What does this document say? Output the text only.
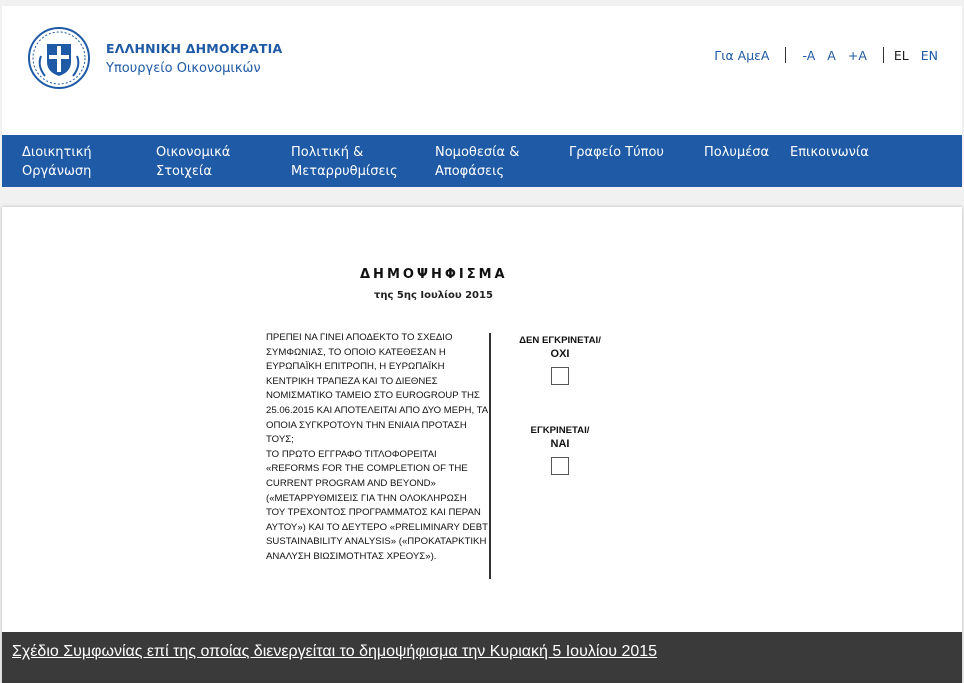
ΕΛΛΗΝΙΚΗ ΔΗΜΟΚΡΑΤΙΑ
Υπουργείο Οικονομικών
Για ΑμεΑ	-A A +A EL EN
Διοικητική
Οργάνωση
Οικονομικά
Στοιχεία
Πολιτική &
Μεταρρυθμίσεις
Νομοθεσία &
Αποφάσεις
Γραφείο Τύπου	Πολυμέσα Επικοινωνία
ΔΗΜΟΨΗΦΙΣΜΑ
της 5ης Ιουλίου 2015

ΠΡΕΠΕΙ ΝΑ ΓΙΝΕΙ ΑΠΟΔΕΚΤΟ ΤΟ ΣΧΕΔΙΟ ΣΥΜΦΩΝΙΑΣ, ΤΟ ΟΠΟΙΟ ΚΑΤΕΘΕΣΑΝ Η ΕΥΡΩΠΑΪΚΗ ΕΠΙΤΡΟΠΗ, Η ΕΥΡΩΠΑΪΚΗ ΚΕΝΤΡΙΚΗ ΤΡΑΠΕΖΑ ΚΑΙ ΤΟ ΔΙΕΘΝΕΣ ΝΟΜΙΣΜΑΤΙΚΟ ΤΑΜΕΙΟ ΣΤΟ EUROGROUP ΤΗΣ 25.06.2015 ΚΑΙ ΑΠΟΤΕΛΕΙΤΑΙ ΑΠΟ ΔΥΟ ΜΕΡΗ, ΤΑ ΟΠΟΙΑ ΣΥΓΚΡΟΤΟΥΝ ΤΗΝ ΕΝΙΑΙΑ ΠΡΟΤΑΣΗ ΤΟΥΣ;

ΤΟ ΠΡΩΤΟ ΕΓΓΡΑΦΟ ΤΙΤΛΟΦΟΡΕΙΤΑΙ «REFORMS FOR THE COMPLETION OF THE CURRENT PROGRAM AND BEYOND» («ΜΕΤΑΡΡΥΘΜΙΣΕΙΣ ΓΙΑ ΤΗΝ ΟΛΟΚΛΗΡΩΣΗ ΤΟΥ ΤΡΕΧΟΝΤΟΣ ΠΡΟΓΡΑΜΜΑΤΟΣ ΚΑΙ ΠΕΡΑΝ ΑΥΤΟΥ») ΚΑΙ ΤΟ ΔΕΥΤΕΡΟ «PRELIMINARY DEBT SUSTAINABILITY ANALYSIS» («ΠΡΟΚΑΤΑΡΚΤΙΚΗ ΑΝΑΛΥΣΗ ΒΙΩΣΙΜΟΤΗΤΑΣ ΧΡΕΟΥΣ»).

ΔΕΝ ΕΓΚΡΙΝΕΤΑΙ/
ΟΧΙ
ΕΓΚΡΙΝΕΤΑΙ/
ΝΑΙ
Σχέδιο Συμφωνίας επί της οποίας διενεργείται το δημοψήφισμα την Κυριακή 5 Ιουλίου 2015
